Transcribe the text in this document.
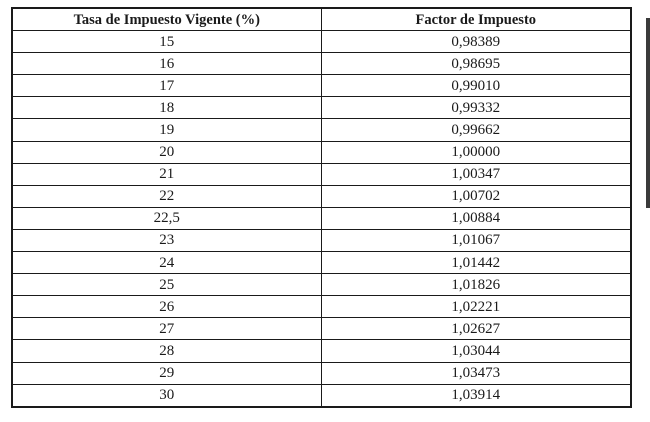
Tasa de Impuesto Vigente (%)	Factor de Impuesto
15	0,98389
16	0,98695
17	0,99010
18	0,99332
19	0,99662
20	1,00000
21	1,00347
22	1,00702
22,5	1,00884
23	1,01067
24	1,01442
25	1,01826
26	1,02221
27	1,02627
28	1,03044
29	1,03473
30	1,03914
